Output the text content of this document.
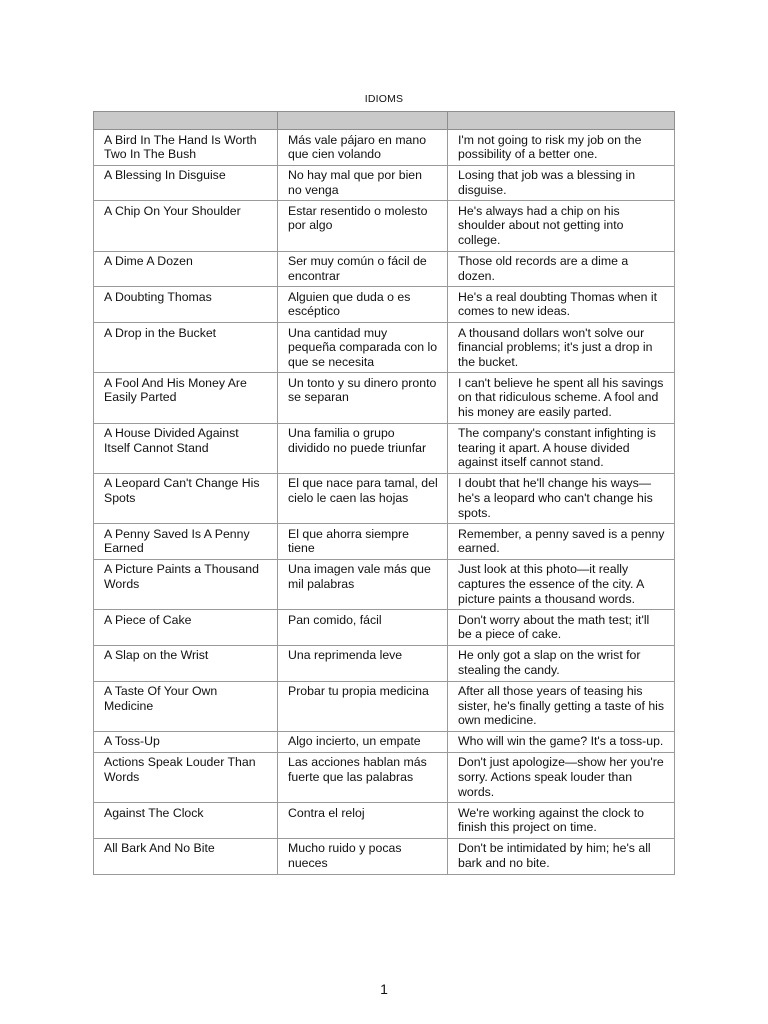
IDIOMS

A Bird In The Hand Is Worth Two In The Bush	Más vale pájaro en mano que cien volando	I'm not going to risk my job on the possibility of a better one.
A Blessing In Disguise	No hay mal que por bien no venga	Losing that job was a blessing in disguise.
A Chip On Your Shoulder	Estar resentido o molesto por algo	He's always had a chip on his shoulder about not getting into college.
A Dime A Dozen	Ser muy común o fácil de encontrar	Those old records are a dime a dozen.
A Doubting Thomas	Alguien que duda o es escéptico	He's a real doubting Thomas when it comes to new ideas.
A Drop in the Bucket	Una cantidad muy pequeña comparada con lo que se necesita	A thousand dollars won't solve our financial problems; it's just a drop in the bucket.
A Fool And His Money Are Easily Parted	Un tonto y su dinero pronto se separan	I can't believe he spent all his savings on that ridiculous scheme. A fool and his money are easily parted.
A House Divided Against Itself Cannot Stand	Una familia o grupo dividido no puede triunfar	The company's constant infighting is tearing it apart. A house divided against itself cannot stand.
A Leopard Can't Change His Spots	El que nace para tamal, del cielo le caen las hojas	I doubt that he'll change his ways—he's a leopard who can't change his spots.
A Penny Saved Is A Penny Earned	El que ahorra siempre tiene	Remember, a penny saved is a penny earned.
A Picture Paints a Thousand Words	Una imagen vale más que mil palabras	Just look at this photo—it really captures the essence of the city. A picture paints a thousand words.
A Piece of Cake	Pan comido, fácil	Don't worry about the math test; it'll be a piece of cake.
A Slap on the Wrist	Una reprimenda leve	He only got a slap on the wrist for stealing the candy.
A Taste Of Your Own Medicine	Probar tu propia medicina	After all those years of teasing his sister, he's finally getting a taste of his own medicine.
A Toss-Up	Algo incierto, un empate	Who will win the game? It's a toss-up.
Actions Speak Louder Than Words	Las acciones hablan más fuerte que las palabras	Don't just apologize—show her you're sorry. Actions speak louder than words.
Against The Clock	Contra el reloj	We're working against the clock to finish this project on time.
All Bark And No Bite	Mucho ruido y pocas nueces	Don't be intimidated by him; he's all bark and no bite.
1
